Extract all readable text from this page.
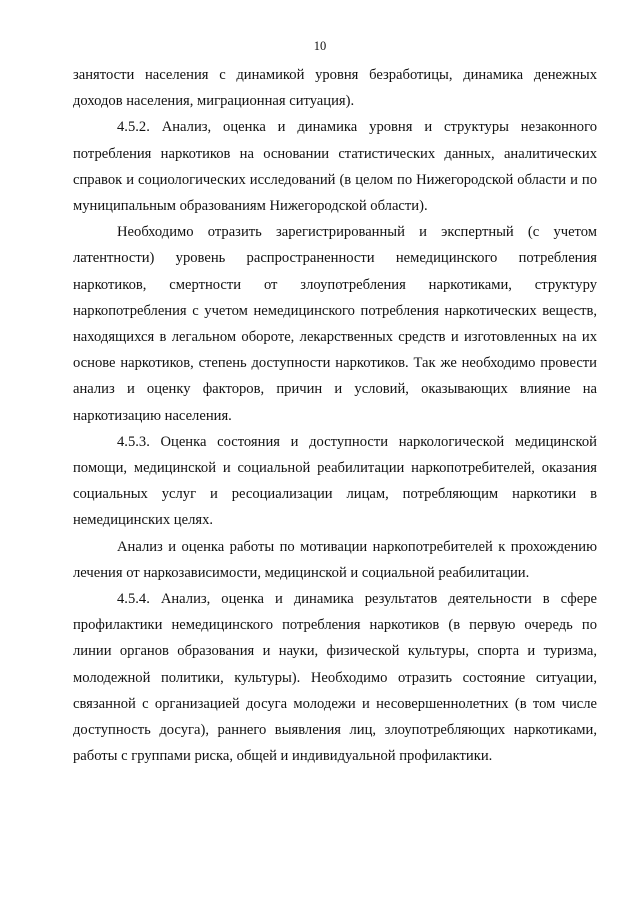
10

занятости населения с динамикой уровня безработицы, динамика денежных доходов населения, миграционная ситуация).

4.5.2. Анализ, оценка и динамика уровня и структуры незаконного потребления наркотиков на основании статистических данных, аналитических справок и социологических исследований (в целом по Нижегородской области и по муниципальным образованиям Нижегородской области).

Необходимо отразить зарегистрированный и экспертный (с учетом латентности) уровень распространенности немедицинского потребления наркотиков, смертности от злоупотребления наркотиками, структуру наркопотребления с учетом немедицинского потребления наркотических веществ, находящихся в легальном обороте, лекарственных средств и изготовленных на их основе наркотиков, степень доступности наркотиков. Так же необходимо провести анализ и оценку факторов, причин и условий, оказывающих влияние на наркотизацию населения.

4.5.3. Оценка состояния и доступности наркологической медицинской помощи, медицинской и социальной реабилитации наркопотребителей, оказания социальных услуг и ресоциализации лицам, потребляющим наркотики в немедицинских целях.

Анализ и оценка работы по мотивации наркопотребителей к прохождению лечения от наркозависимости, медицинской и социальной реабилитации.

4.5.4. Анализ, оценка и динамика результатов деятельности в сфере профилактики немедицинского потребления наркотиков (в первую очередь по линии органов образования и науки, физической культуры, спорта и туризма, молодежной политики, культуры). Необходимо отразить состояние ситуации, связанной с организацией досуга молодежи и несовершеннолетних (в том числе доступность досуга), раннего выявления лиц, злоупотребляющих наркотиками, работы с группами риска, общей и индивидуальной профилактики.
